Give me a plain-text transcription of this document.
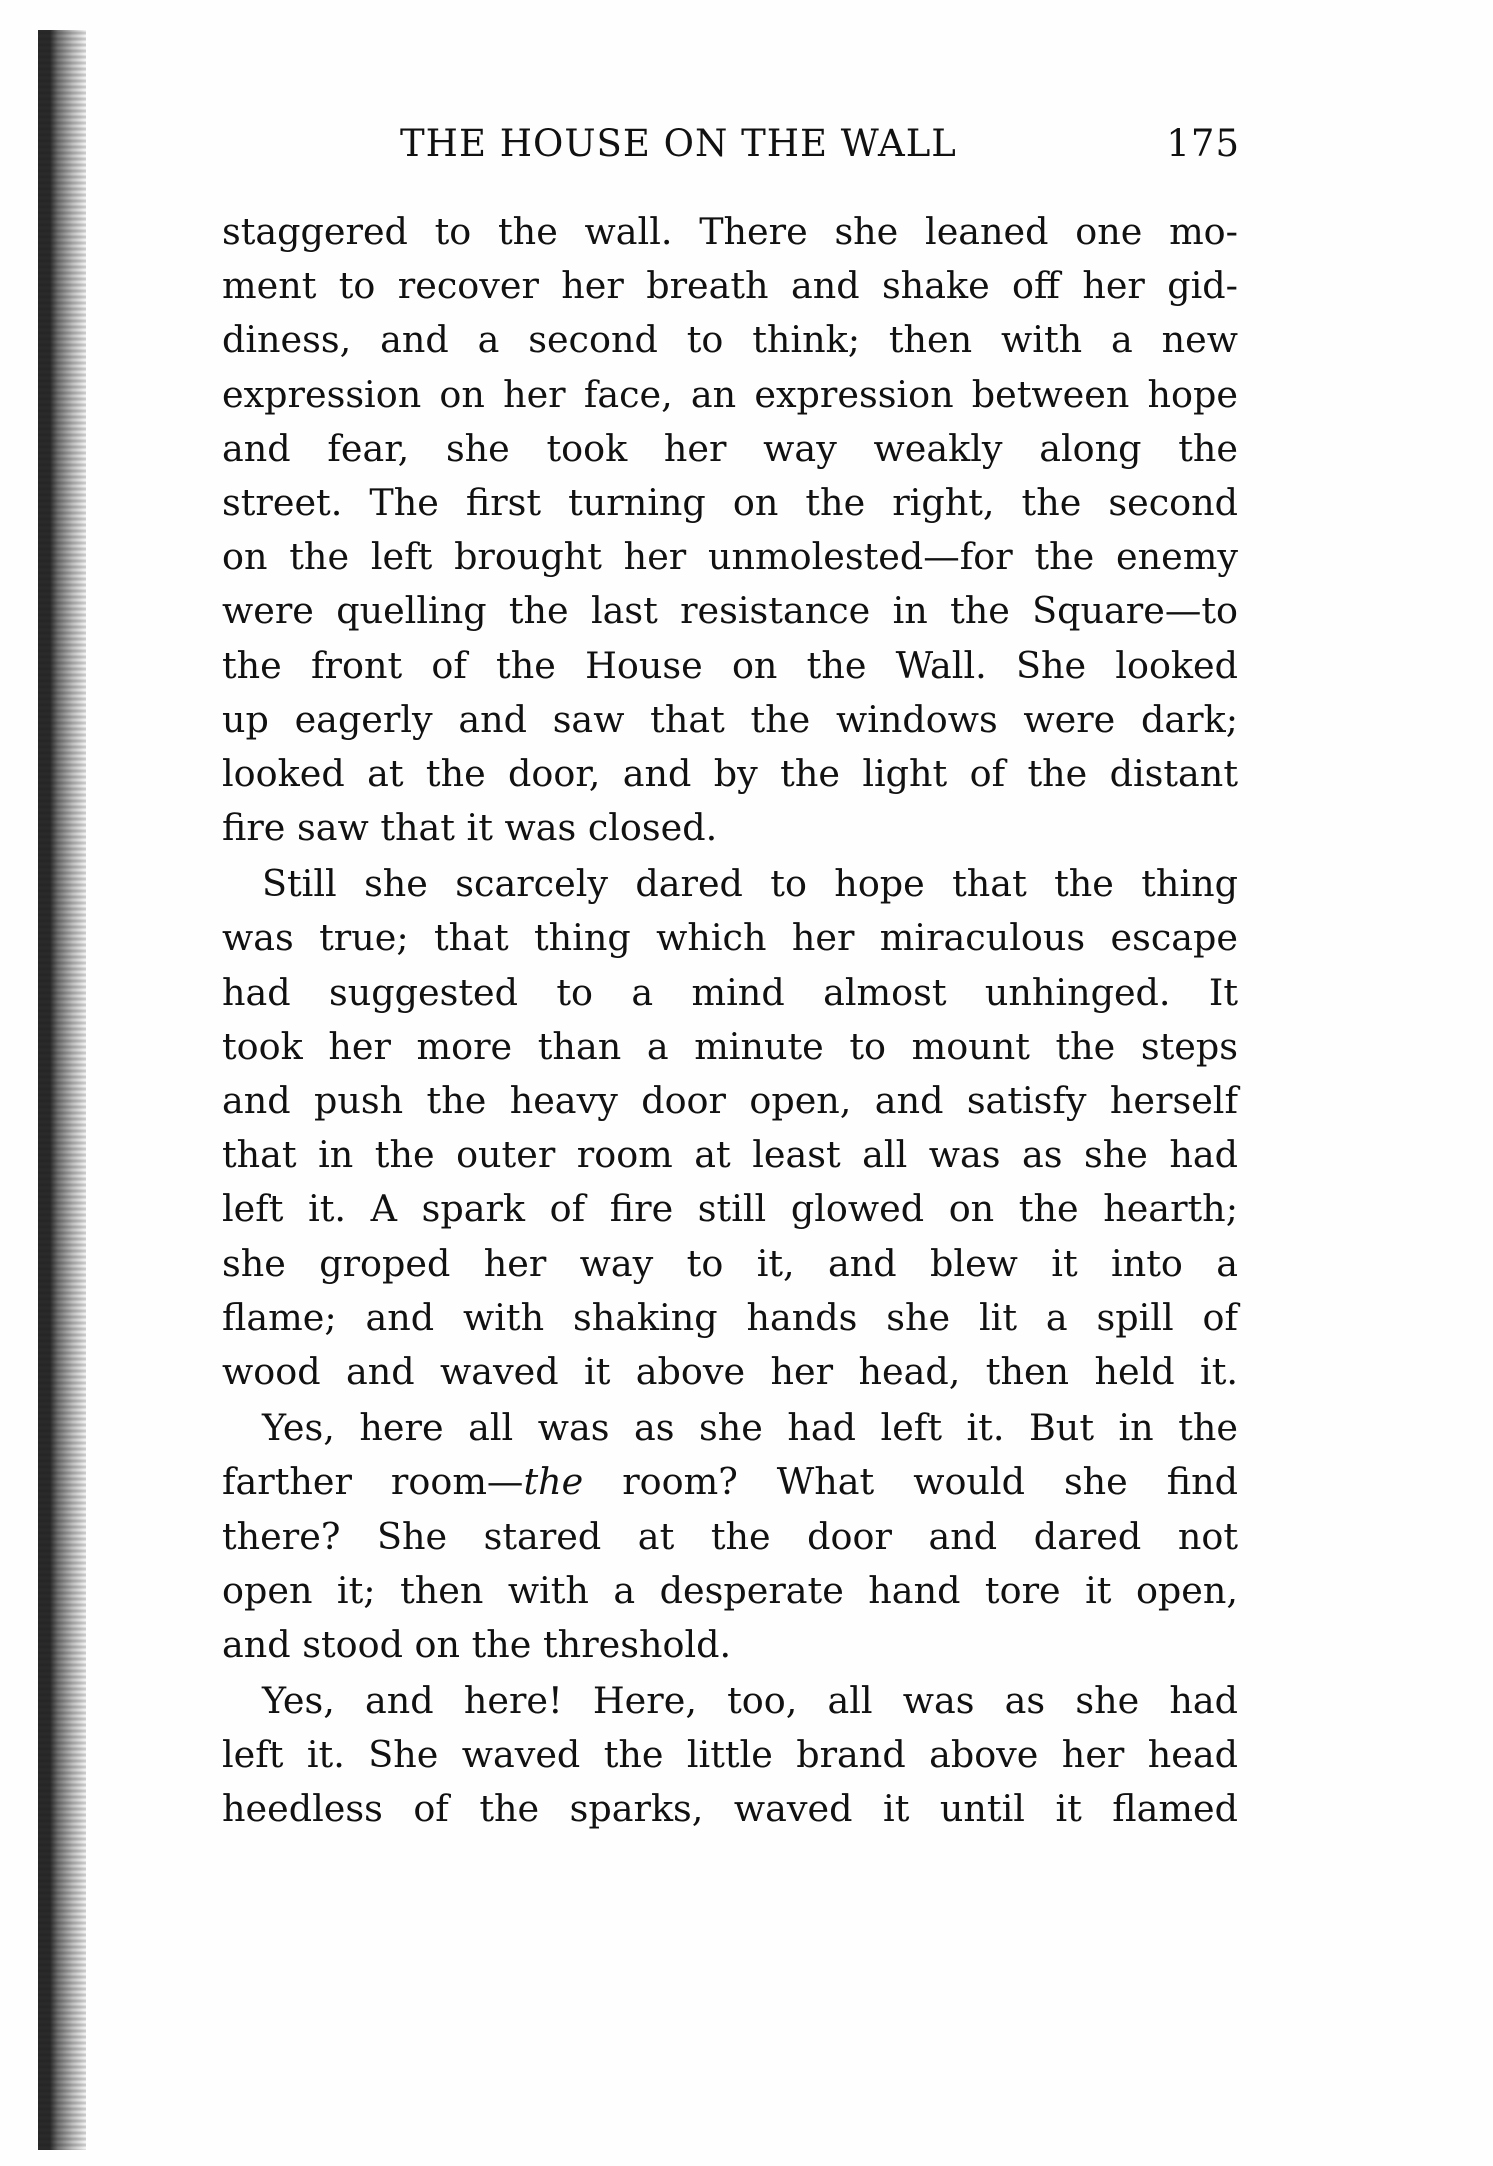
THE HOUSE ON THE WALL	175
staggered to the wall. There she leaned one mo-
ment to recover her breath and shake off her gid-
diness, and a second to think; then with a new
expression on her face, an expression between hope
and fear, she took her way weakly along the
street. The first turning on the right, the second
on the left brought her unmolested—for the enemy
were quelling the last resistance in the Square—to
the front of the House on the Wall. She looked
up eagerly and saw that the windows were dark;
looked at the door, and by the light of the distant
fire saw that it was closed.
Still she scarcely dared to hope that the thing
was true; that thing which her miraculous escape
had suggested to a mind almost unhinged. It
took her more than a minute to mount the steps
and push the heavy door open, and satisfy herself
that in the outer room at least all was as she had
left it. A spark of fire still glowed on the hearth;
she groped her way to it, and blew it into a
flame; and with shaking hands she lit a spill of
wood and waved it above her head, then held it.
Yes, here all was as she had left it. But in the
farther room—the room? What would she find
there? She stared at the door and dared not
open it; then with a desperate hand tore it open,
and stood on the threshold.
Yes, and here! Here, too, all was as she had
left it. She waved the little brand above her head
heedless of the sparks, waved it until it flamed
